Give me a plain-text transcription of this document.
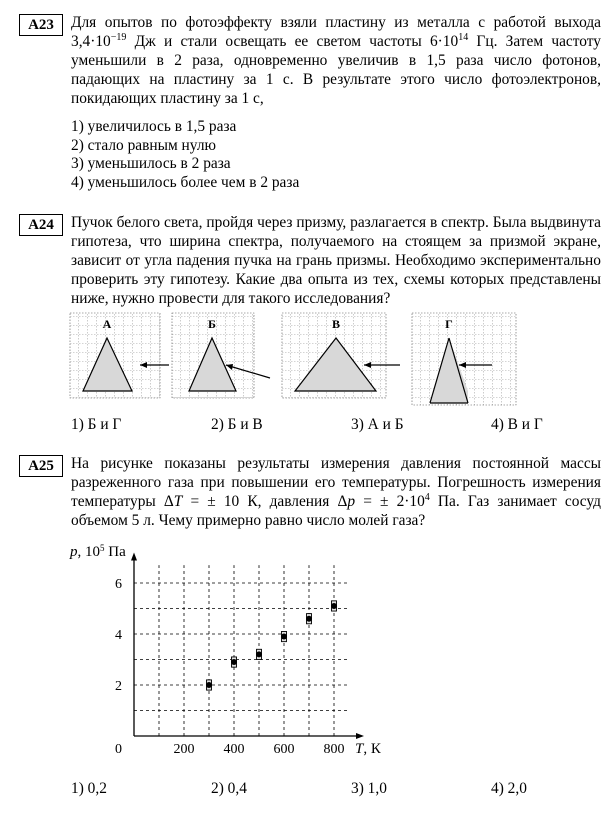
А23	Для опытов по фотоэффекту взяли пластину из металла с работой выхода $3,4\cdot 10^{-19}$ Дж и стали освещать ее светом частоты $6\cdot 10^{14}$ Гц. Затем частоту уменьшили в 2 раза, одновременно увеличив в 1,5 раза число фотонов, падающих на пластину за 1 с. В результате этого число фотоэлектронов, покидающих пластину за 1 с,
1) увеличилось в 1,5 раза
2) стало равным нулю
3) уменьшилось в 2 раза
4) уменьшилось более чем в 2 раза
А24	Пучок белого света, пройдя через призму, разлагается в спектр. Была выдвинута гипотеза, что ширина спектра, получаемого на стоящем за призмой экране, зависит от угла падения пучка на грань призмы. Необходимо экспериментально проверить эту гипотезу. Какие два опыта из тех, схемы которых представлены ниже, нужно провести для такого исследования?
А	Б	В	Г
1) Б и Г	2) Б и В	3) А и Б	4) В и Г
А25	На рисунке показаны результаты измерения давления постоянной массы разреженного газа при повышении его температуры. Погрешность измерения температуры ΔT = ± 10 К, давления Δp = ± $2\cdot 10^4$ Па. Газ занимает сосуд объемом 5 л. Чему примерно равно число молей газа?
200 400 600 800
2
4
6
0
p, $10^5$ Па
T, К
1) 0,2	2) 0,4	3) 1,0	4) 2,0
